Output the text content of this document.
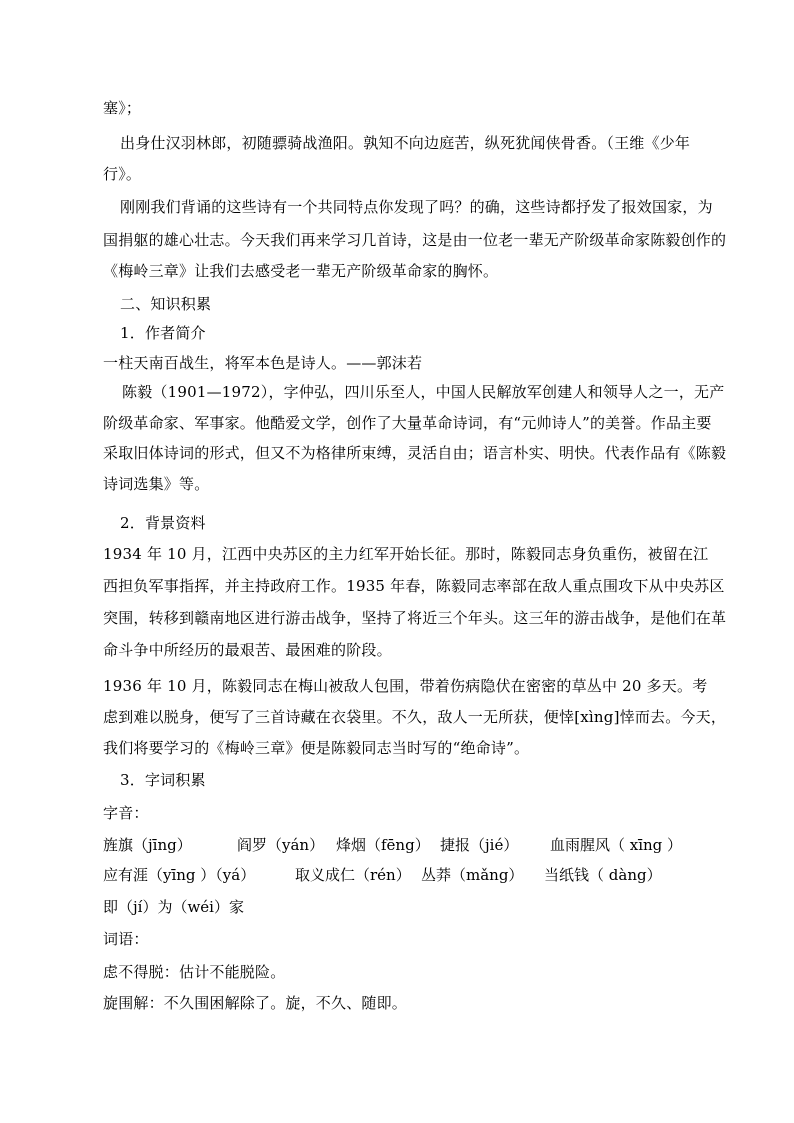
塞》；
出身仕汉羽林郎，初随骠骑战渔阳。孰知不向边庭苦，纵死犹闻侠骨香。（王维《少年
行》。
刚刚我们背诵的这些诗有一个共同特点你发现了吗？的确，这些诗都抒发了报效国家，为
国捐躯的雄心壮志。今天我们再来学习几首诗，这是由一位老一辈无产阶级革命家陈毅创作的
《梅岭三章》让我们去感受老一辈无产阶级革命家的胸怀。
二、知识积累
1．作者简介
一柱天南百战生，将军本色是诗人。——郭沫若
陈毅（1901—1972），字仲弘，四川乐至人，中国人民解放军创建人和领导人之一，无产
阶级革命家、军事家。他酷爱文学，创作了大量革命诗词，有“元帅诗人”的美誉。作品主要
采取旧体诗词的形式，但又不为格律所束缚，灵活自由；语言朴实、明快。代表作品有《陈毅
诗词选集》等。
2．背景资料
1934 年 10 月，江西中央苏区的主力红军开始长征。那时，陈毅同志身负重伤，被留在江
西担负军事指挥，并主持政府工作。1935 年春，陈毅同志率部在敌人重点围攻下从中央苏区
突围，转移到赣南地区进行游击战争，坚持了将近三个年头。这三年的游击战争，是他们在革
命斗争中所经历的最艰苦、最困难的阶段。
1936 年 10 月，陈毅同志在梅山被敌人包围，带着伤病隐伏在密密的草丛中 20 多天。考
虑到难以脱身，便写了三首诗藏在衣袋里。不久，敌人一无所获，便悻[xìng]悻而去。今天，
我们将要学习的《梅岭三章》便是陈毅同志当时写的“绝命诗”。
3．字词积累
字音：
旌旗（jīng）	阎罗（yán） 烽烟（fēng） 捷报（jié） 血雨腥风（ xīng ）
应有涯（yīng ）（yá）	取义成仁（rén） 丛莽（mǎng） 当纸钱（ dàng）
即（jí）为（wéi）家
词语：
虑不得脱：估计不能脱险。
旋围解：不久围困解除了。旋，不久、随即。
